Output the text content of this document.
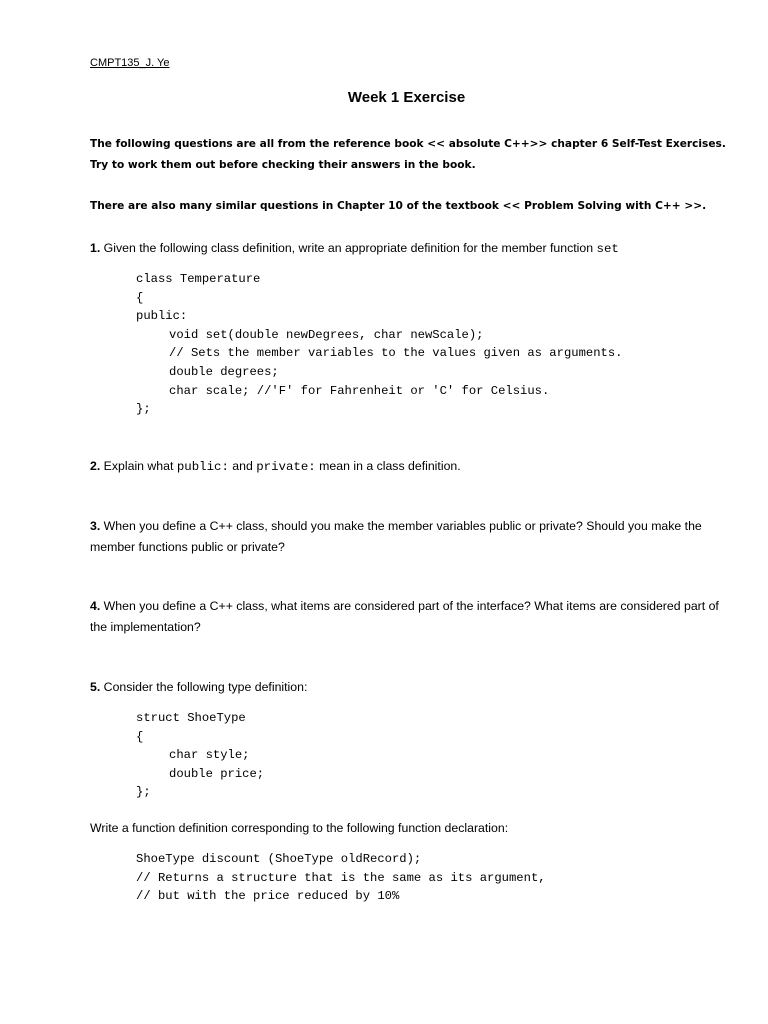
CMPT135_J. Ye
Week 1 Exercise
The following questions are all from the reference book << absolute C++>> chapter 6 Self-Test Exercises. Try to work them out before checking their answers in the book.
There are also many similar questions in Chapter 10 of the textbook << Problem Solving with C++ >>.
1. Given the following class definition, write an appropriate definition for the member function set
class Temperature
{
public:
void set(double newDegrees, char newScale);
// Sets the member variables to the values given as arguments.
double degrees;
char scale; //'F' for Fahrenheit or 'C' for Celsius.
};
2. Explain what public: and private: mean in a class definition.
3. When you define a C++ class, should you make the member variables public or private? Should you make the member functions public or private?
4. When you define a C++ class, what items are considered part of the interface? What items are considered part of the implementation?
5. Consider the following type definition:
struct ShoeType
{
char style;
double price;
};
Write a function definition corresponding to the following function declaration:
ShoeType discount (ShoeType oldRecord);
// Returns a structure that is the same as its argument,
// but with the price reduced by 10%
